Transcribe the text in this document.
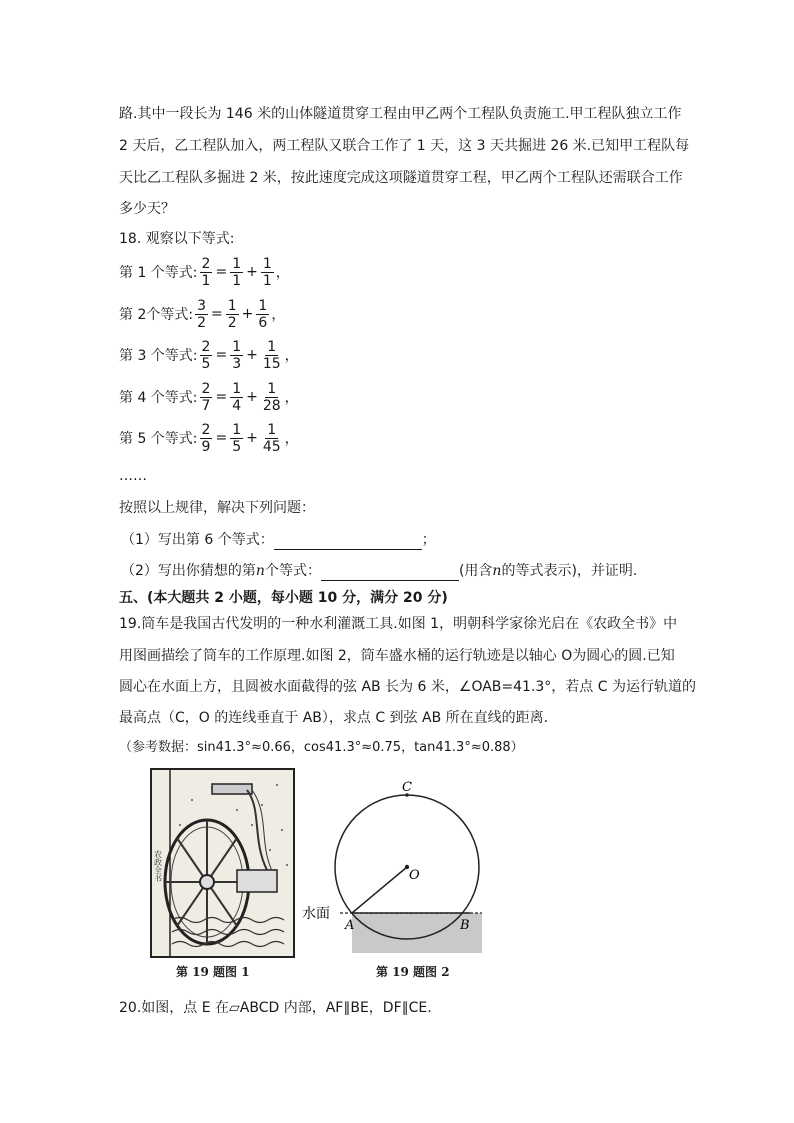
路.其中一段长为 146 米的山体隧道贯穿工程由甲乙两个工程队负责施工.甲工程队独立工作
2 天后，乙工程队加入，两工程队又联合工作了 1 天，这 3 天共掘进 26 米.已知甲工程队每
天比乙工程队多掘进 2 米，按此速度完成这项隧道贯穿工程，甲乙两个工程队还需联合工作
多少天？
18. 观察以下等式:
第 1 个等式: $\frac{2}{1} = \frac{1}{1} + \frac{1}{1}$ ，
第 2个等式: $\frac{3}{2} = \frac{1}{2} + \frac{1}{6}$ ，
第 3 个等式: $\frac{2}{5} = \frac{1}{3} + \frac{1}{15}$ ，
第 4 个等式: $\frac{2}{7} = \frac{1}{4} + \frac{1}{28}$ ，
第 5 个等式: $\frac{2}{9} = \frac{1}{5} + \frac{1}{45}$ ，
……
按照以上规律，解决下列问题：
（1）写出第 6 个等式：	；
（2）写出你猜想的第n个等式：	(用含n的等式表示)，并证明.
五、(本大题共 2 小题，每小题 10 分，满分 20 分)
19.筒车是我国古代发明的一种水利灌溉工具.如图 1，明朝科学家徐光启在《农政全书》中
用图画描绘了筒车的工作原理.如图 2，筒车盛水桶的运行轨迹是以轴心 O为圆心的圆.已知
圆心在水面上方，且圆被水面截得的弦 AB 长为 6 米，∠OAB=41.3°，若点 C 为运行轨道的
最高点（C，O 的连线垂直于 AB），求点 C 到弦 AB 所在直线的距离.
（参考数据：sin41.3°≈0.66，cos41.3°≈0.75，tan41.3°≈0.88）
农政全书
第 19 题图 1
C
O
A	B
水面
第 19 题图 2
20.如图，点 E 在▱ABCD 内部，AF∥BE，DF∥CE.
